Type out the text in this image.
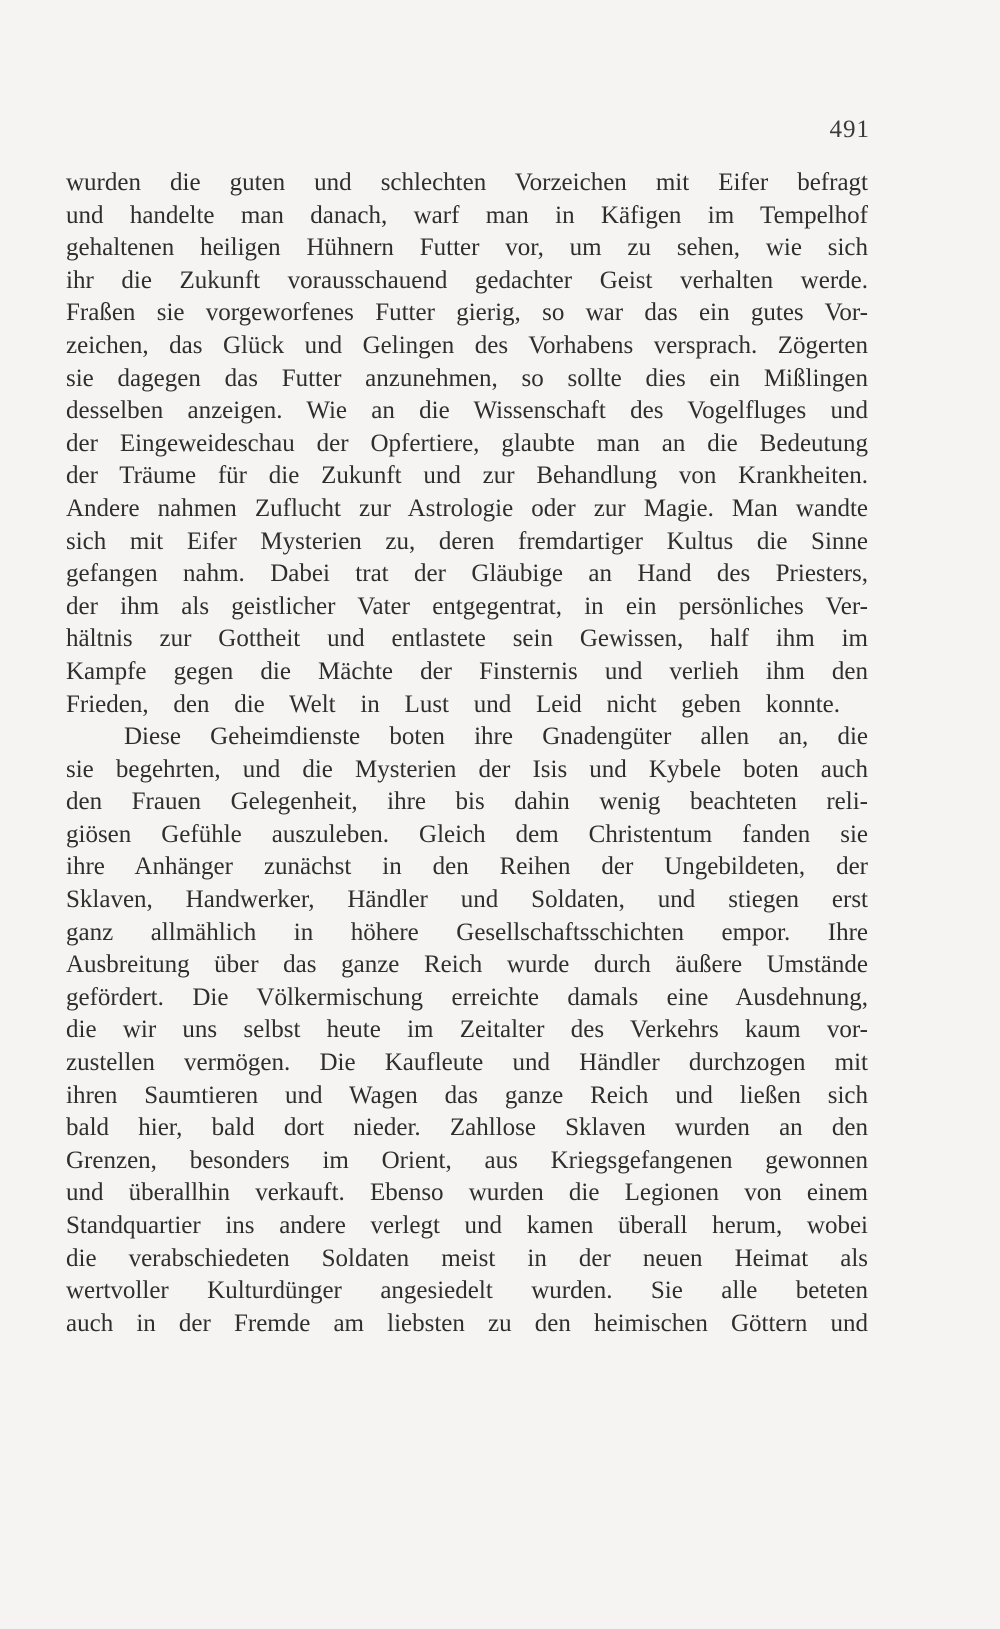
491
wurden die guten und schlechten Vorzeichen mit Eifer befragt
und handelte man danach, warf man in Käfigen im Tempelhof
gehaltenen heiligen Hühnern Futter vor, um zu sehen, wie sich
ihr die Zukunft vorausschauend gedachter Geist verhalten werde.
Fraßen sie vorgeworfenes Futter gierig, so war das ein gutes Vor-
zeichen, das Glück und Gelingen des Vorhabens versprach. Zögerten
sie dagegen das Futter anzunehmen, so sollte dies ein Mißlingen
desselben anzeigen. Wie an die Wissenschaft des Vogelfluges und
der Eingeweideschau der Opfertiere, glaubte man an die Bedeutung
der Träume für die Zukunft und zur Behandlung von Krankheiten.
Andere nahmen Zuflucht zur Astrologie oder zur Magie. Man wandte
sich mit Eifer Mysterien zu, deren fremdartiger Kultus die Sinne
gefangen nahm. Dabei trat der Gläubige an Hand des Priesters,
der ihm als geistlicher Vater entgegentrat, in ein persönliches Ver-
hältnis zur Gottheit und entlastete sein Gewissen, half ihm im
Kampfe gegen die Mächte der Finsternis und verlieh ihm den
Frieden, den die Welt in Lust und Leid nicht geben konnte.
Diese Geheimdienste boten ihre Gnadengüter allen an, die
sie begehrten, und die Mysterien der Isis und Kybele boten auch
den Frauen Gelegenheit, ihre bis dahin wenig beachteten reli-
giösen Gefühle auszuleben. Gleich dem Christentum fanden sie
ihre Anhänger zunächst in den Reihen der Ungebildeten, der
Sklaven, Handwerker, Händler und Soldaten, und stiegen erst
ganz allmählich in höhere Gesellschaftsschichten empor. Ihre
Ausbreitung über das ganze Reich wurde durch äußere Umstände
gefördert. Die Völkermischung erreichte damals eine Ausdehnung,
die wir uns selbst heute im Zeitalter des Verkehrs kaum vor-
zustellen vermögen. Die Kaufleute und Händler durchzogen mit
ihren Saumtieren und Wagen das ganze Reich und ließen sich
bald hier, bald dort nieder. Zahllose Sklaven wurden an den
Grenzen, besonders im Orient, aus Kriegsgefangenen gewonnen
und überallhin verkauft. Ebenso wurden die Legionen von einem
Standquartier ins andere verlegt und kamen überall herum, wobei
die verabschiedeten Soldaten meist in der neuen Heimat als
wertvoller Kulturdünger angesiedelt wurden. Sie alle beteten
auch in der Fremde am liebsten zu den heimischen Göttern und
